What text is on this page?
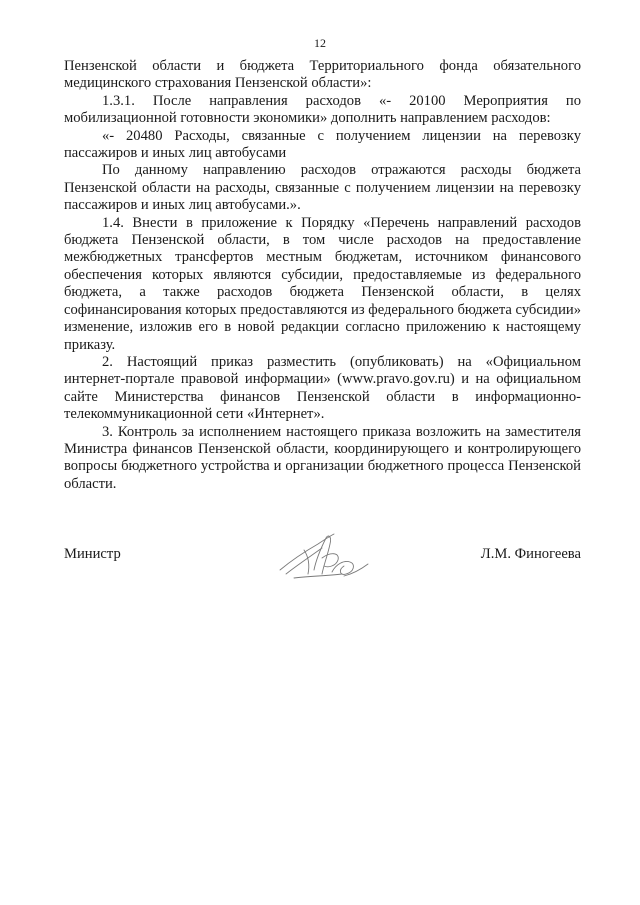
12

Пензенской области и бюджета Территориального фонда обязательного медицинского страхования Пензенской области»:

1.3.1. После направления расходов «- 20100 Мероприятия по мобилизационной готовности экономики» дополнить направлением расходов:

«- 20480 Расходы, связанные с получением лицензии на перевозку пассажиров и иных лиц автобусами

По данному направлению расходов отражаются расходы бюджета Пензенской области на расходы, связанные с получением лицензии на перевозку пассажиров и иных лиц автобусами.».

1.4. Внести в приложение к Порядку «Перечень направлений расходов бюджета Пензенской области, в том числе расходов на предоставление межбюджетных трансфертов местным бюджетам, источником финансового обеспечения которых являются субсидии, предоставляемые из федерального бюджета, а также расходов бюджета Пензенской области, в целях софинансирования которых предоставляются из федерального бюджета субсидии» изменение, изложив его в новой редакции согласно приложению к настоящему приказу.

2. Настоящий приказ разместить (опубликовать) на «Официальном интернет-портале правовой информации» (www.pravo.gov.ru) и на официальном сайте Министерства финансов Пензенской области в информационно-телекоммуникационной сети «Интернет».

3. Контроль за исполнением настоящего приказа возложить на заместителя Министра финансов Пензенской области, координирующего и контролирующего вопросы бюджетного устройства и организации бюджетного процесса Пензенской области.

Министр	Л.М. Финогеева
